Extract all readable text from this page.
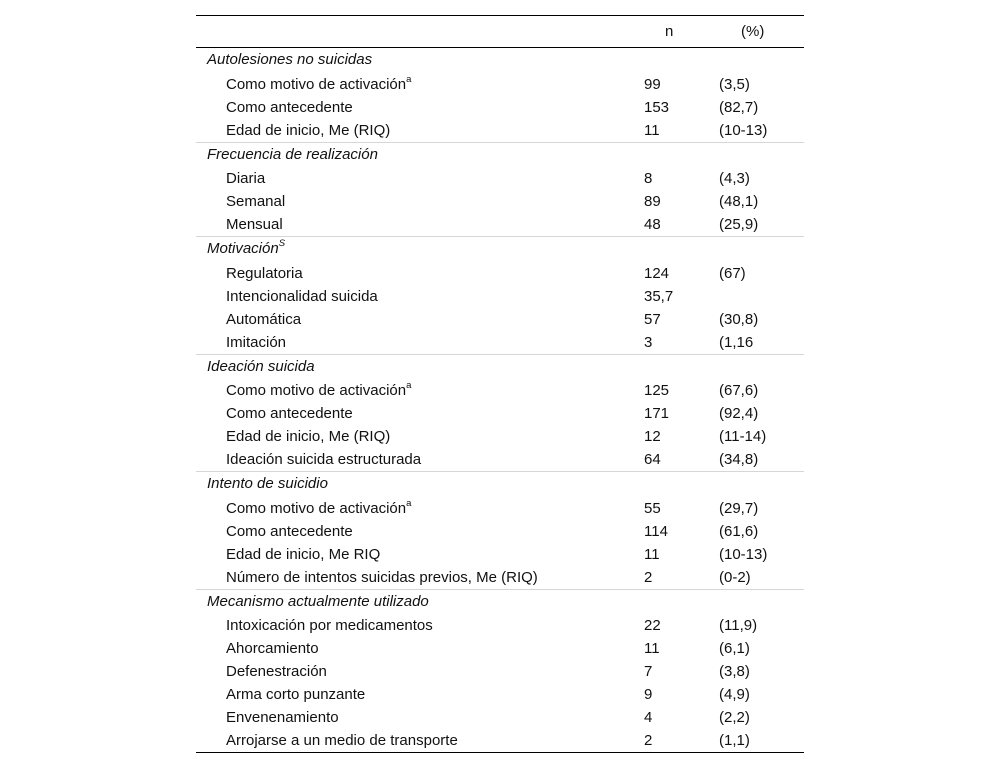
	n	(%)
Autolesiones no suicidas		
Como motivo de activación$^a$	99	(3,5)
Como antecedente	153	(82,7)
Edad de inicio, Me (RIQ)	11	(10-13)
Frecuencia de realización		
Diaria	8	(4,3)
Semanal	89	(48,1)
Mensual	48	(25,9)
Motivación$^S$		
Regulatoria	124	(67)
Intencionalidad suicida	35,7	
Automática	57	(30,8)
Imitación	3	(1,16
Ideación suicida		
Como motivo de activación$^a$	125	(67,6)
Como antecedente	171	(92,4)
Edad de inicio, Me (RIQ)	12	(11-14)
Ideación suicida estructurada	64	(34,8)
Intento de suicidio		
Como motivo de activación$^a$	55	(29,7)
Como antecedente	114	(61,6)
Edad de inicio, Me RIQ	11	(10-13)
Número de intentos suicidas previos, Me (RIQ)	2	(0-2)
Mecanismo actualmente utilizado		
Intoxicación por medicamentos	22	(11,9)
Ahorcamiento	11	(6,1)
Defenestración	7	(3,8)
Arma corto punzante	9	(4,9)
Envenenamiento	4	(2,2)
Arrojarse a un medio de transporte	2	(1,1)
